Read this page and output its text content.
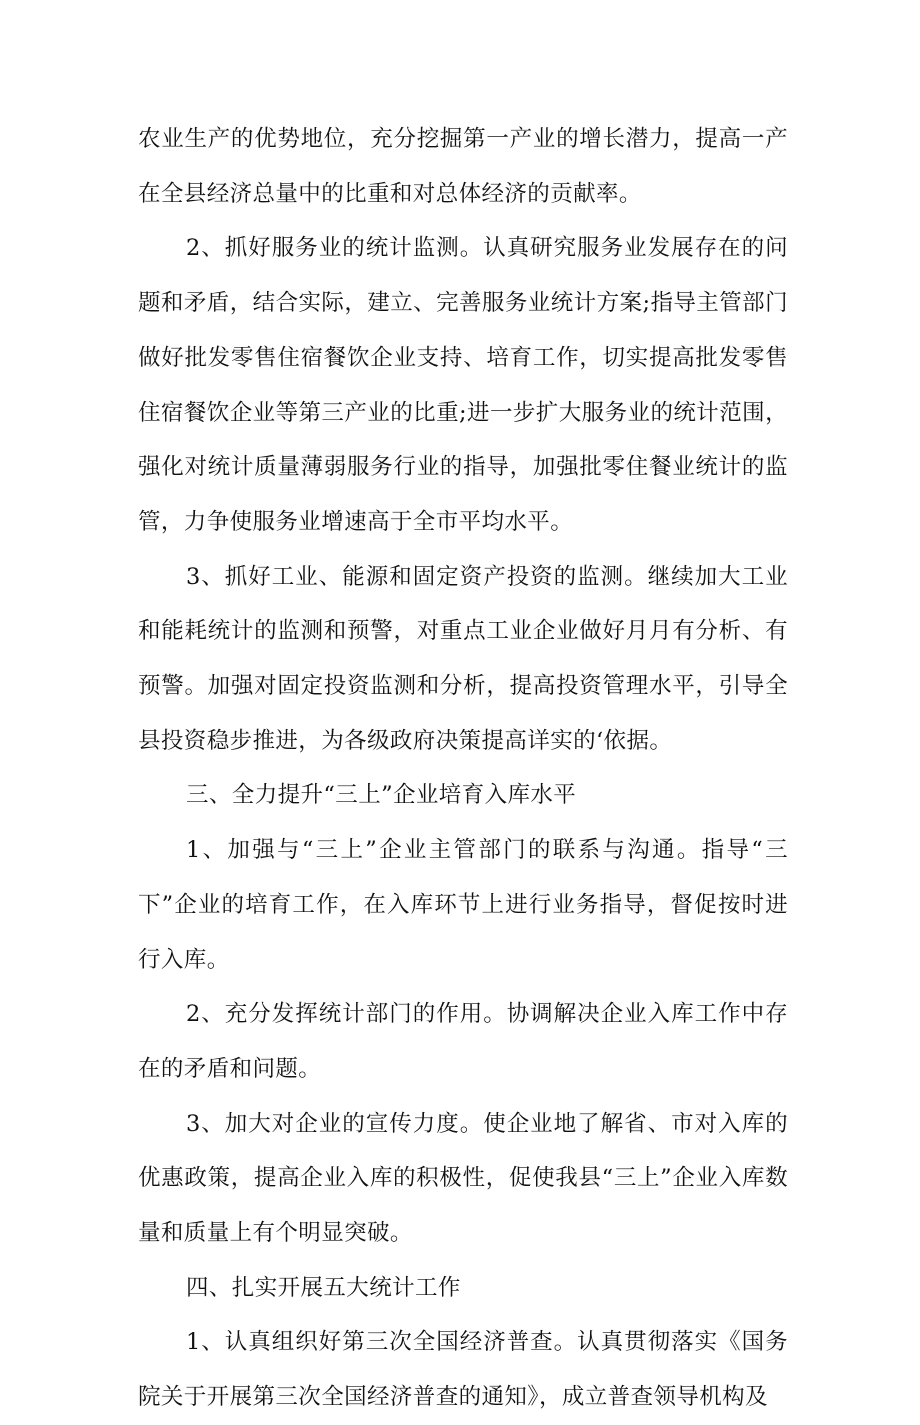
农业生产的优势地位，充分挖掘第一产业的增长潜力，提高一产在全县经济总量中的比重和对总体经济的贡献率。

2、抓好服务业的统计监测。认真研究服务业发展存在的问题和矛盾，结合实际，建立、完善服务业统计方案;指导主管部门做好批发零售住宿餐饮企业支持、培育工作，切实提高批发零售住宿餐饮企业等第三产业的比重;进一步扩大服务业的统计范围，强化对统计质量薄弱服务行业的指导，加强批零住餐业统计的监管，力争使服务业增速高于全市平均水平。

3、抓好工业、能源和固定资产投资的监测。继续加大工业和能耗统计的监测和预警，对重点工业企业做好月月有分析、有预警。加强对固定投资监测和分析，提高投资管理水平，引导全县投资稳步推进，为各级政府决策提高详实的‘依据。

三、全力提升“三上”企业培育入库水平

1、加强与“三上”企业主管部门的联系与沟通。指导“三下”企业的培育工作，在入库环节上进行业务指导，督促按时进行入库。

2、充分发挥统计部门的作用。协调解决企业入库工作中存在的矛盾和问题。

3、加大对企业的宣传力度。使企业地了解省、市对入库的优惠政策，提高企业入库的积极性，促使我县“三上”企业入库数量和质量上有个明显突破。

四、扎实开展五大统计工作

1、认真组织好第三次全国经济普查。认真贯彻落实《国务院关于开展第三次全国经济普查的通知》，成立普查领导机构及
